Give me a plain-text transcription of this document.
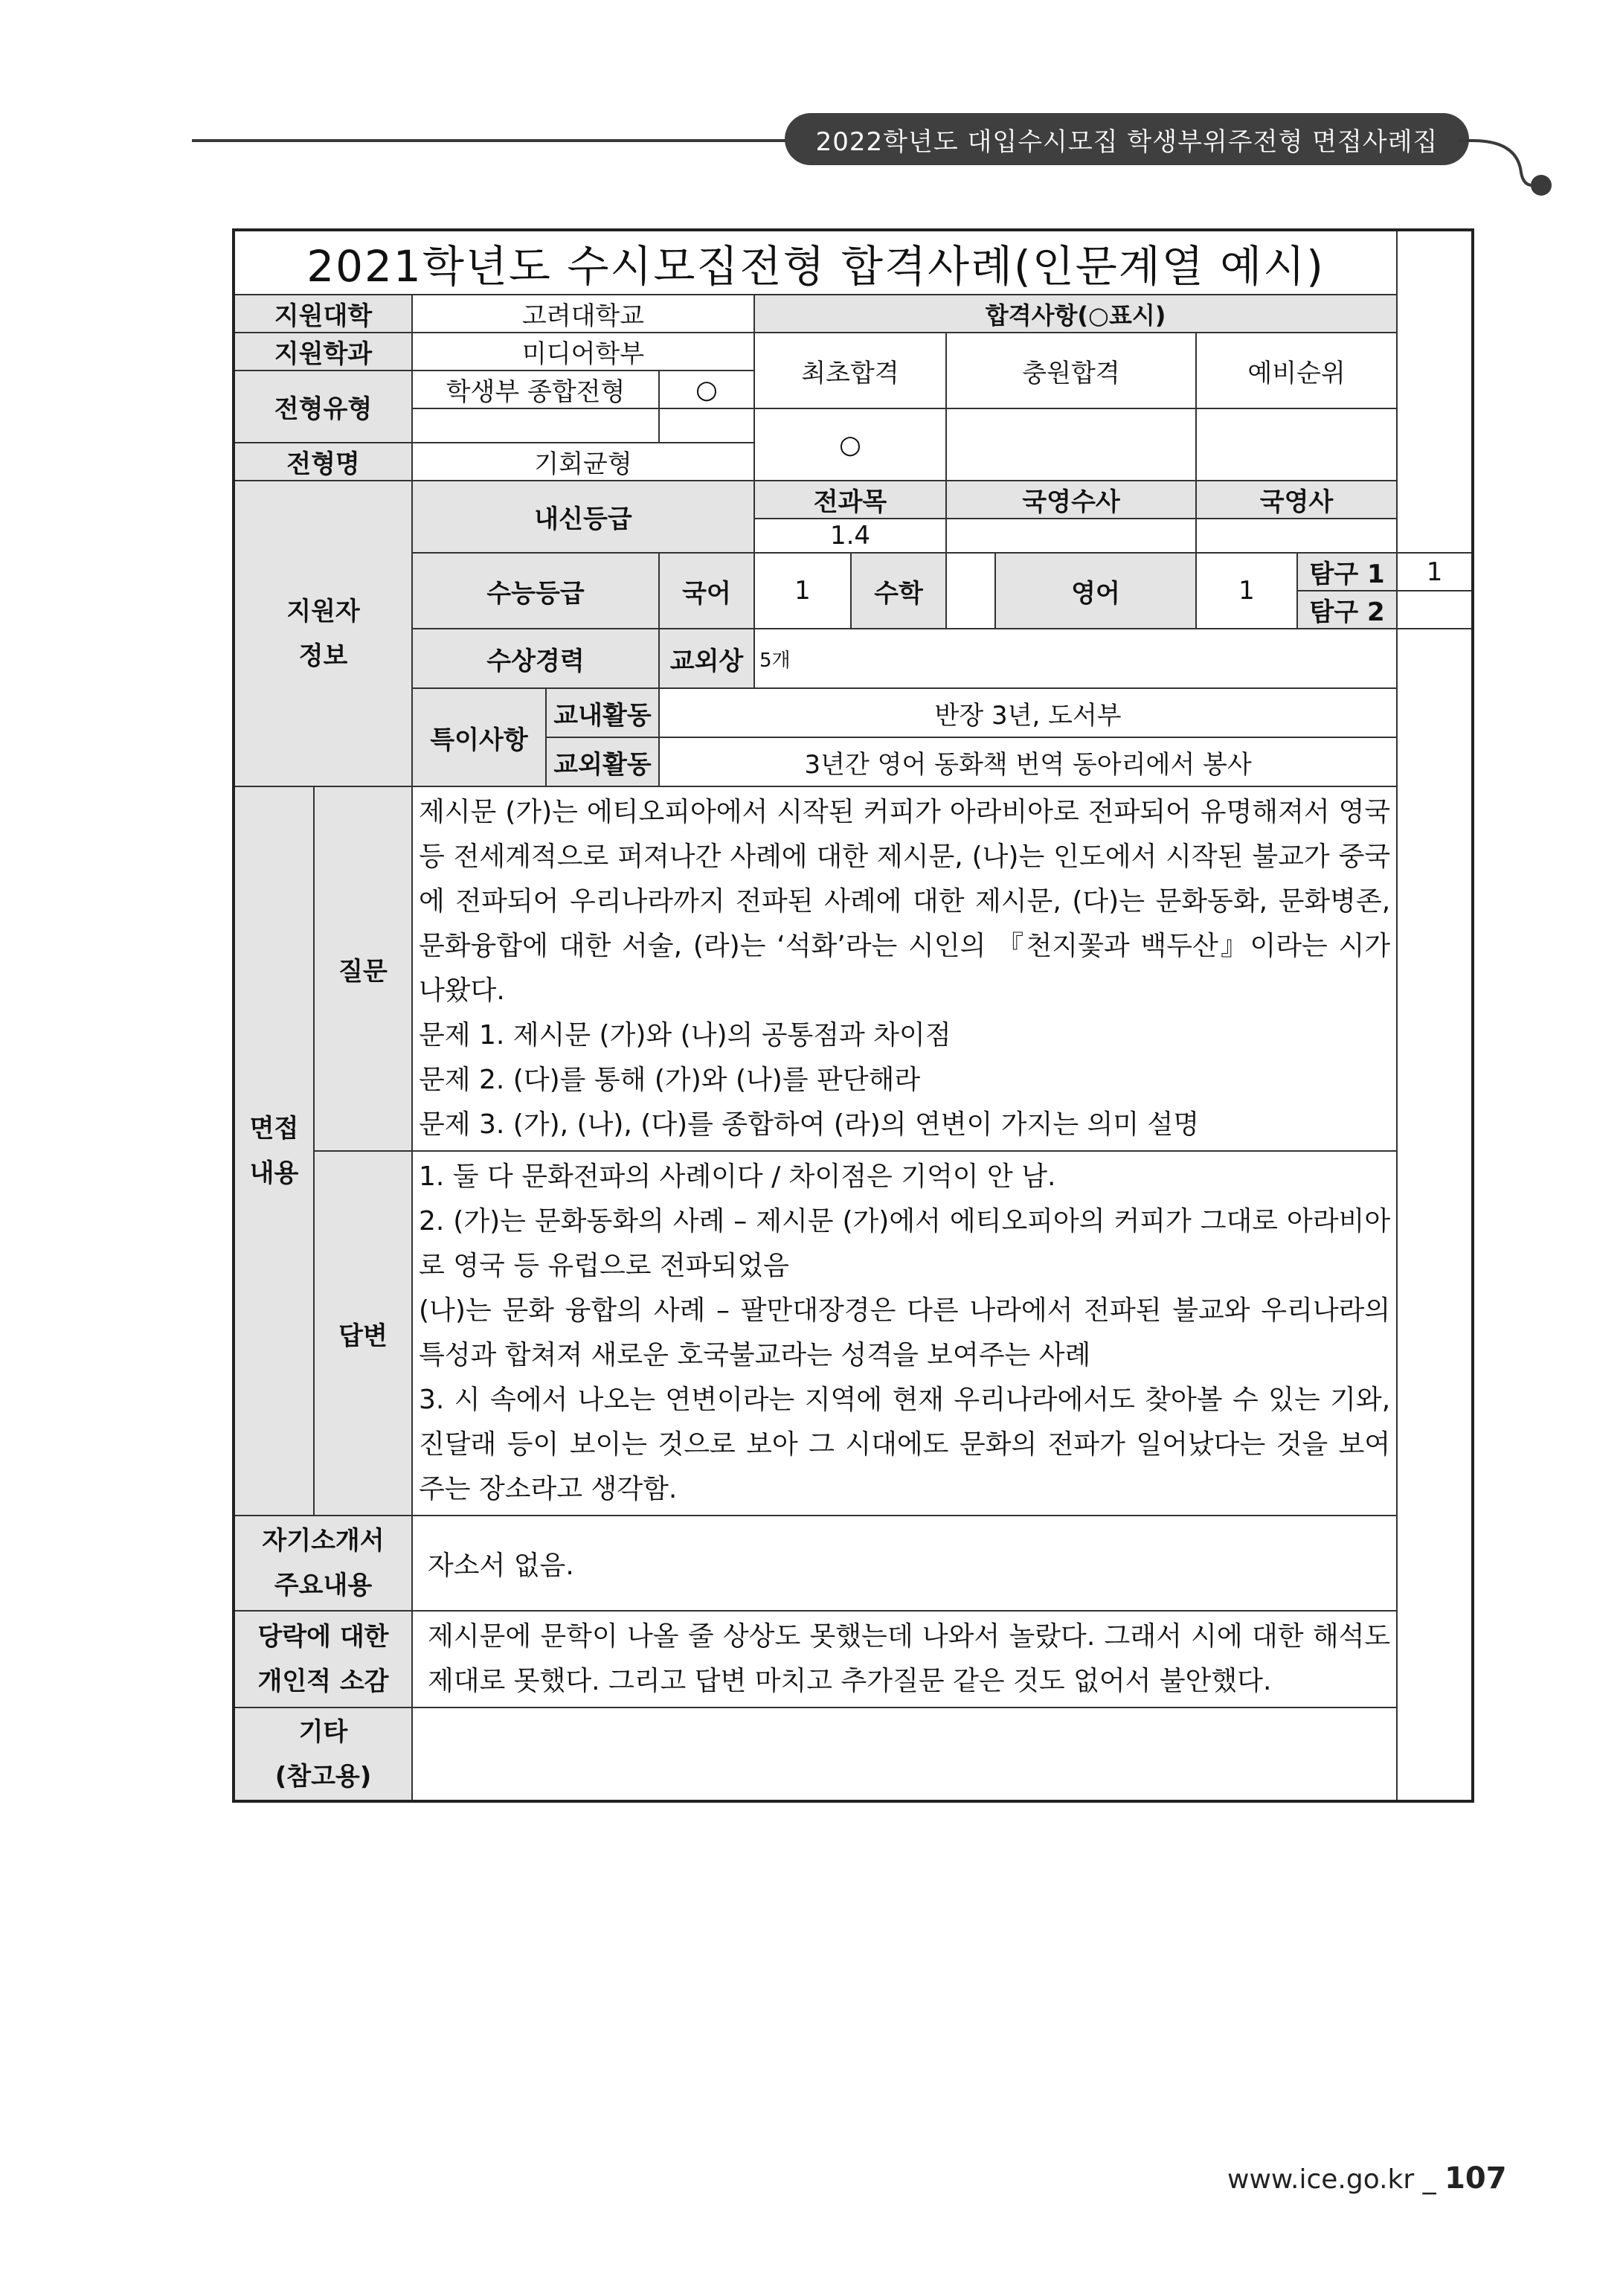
2022학년도 대입수시모집 학생부위주전형 면접사례집
2021학년도 수시모집전형 합격사례(인문계열 예시)											
지원대학		고려대학교			합격사항(○표시)						
지원학과		미디어학부			최초합격		충원합격		예비순위		
전형유형		학생부 종합전형		○							
					○						
전형명		기회균형									
지원자
정보		내신등급			전과목		국영수사		국영사		
					1.4						
		수능등급		국어	1	수학		영어	1	탐구 1	1
										탐구 2	
		수상경력		교외상	5개						
		특이사항	교내활동	반장 3년, 도서부							
			교외활동	3년간 영어 동화책 번역 동아리에서 봉사							

면접
내용	질문	제시문 (가)는 에티오피아에서 시작된 커피가 아라비아로 전파되어 유명해져서 영국 등 전세계적으로 퍼져나간 사례에 대한 제시문, (나)는 인도에서 시작된 불교가 중국에 전파되어 우리나라까지 전파된 사례에 대한 제시문, (다)는 문화동화, 문화병존, 문화융합에 대한 서술, (라)는 ‘석화’라는 시인의 『천지꽃과 백두산』이라는 시가 나왔다.
문제 1. 제시문 (가)와 (나)의 공통점과 차이점
문제 2. (다)를 통해 (가)와 (나)를 판단해라
문제 3. (가), (나), (다)를 종합하여 (라)의 연변이 가지는 의미 설명									
	답변	1. 둘 다 문화전파의 사례이다 / 차이점은 기억이 안 남.
2. (가)는 문화동화의 사례 – 제시문 (가)에서 에티오피아의 커피가 그대로 아라비아로 영국 등 유럽으로 전파되었음
(나)는 문화 융합의 사례 – 팔만대장경은 다른 나라에서 전파된 불교와 우리나라의 특성과 합쳐져 새로운 호국불교라는 성격을 보여주는 사례
3. 시 속에서 나오는 연변이라는 지역에 현재 우리나라에서도 찾아볼 수 있는 기와, 진달래 등이 보이는 것으로 보아 그 시대에도 문화의 전파가 일어났다는 것을 보여주는 장소라고 생각함.									
자기소개서
주요내용		자소서 없음.									
당락에 대한
개인적 소감		제시문에 문학이 나올 줄 상상도 못했는데 나와서 놀랐다. 그래서 시에 대한 해석도 제대로 못했다. 그리고 답변 마치고 추가질문 같은 것도 없어서 불안했다.									
기타
(참고용)											
www.ice.go.kr _ 107
